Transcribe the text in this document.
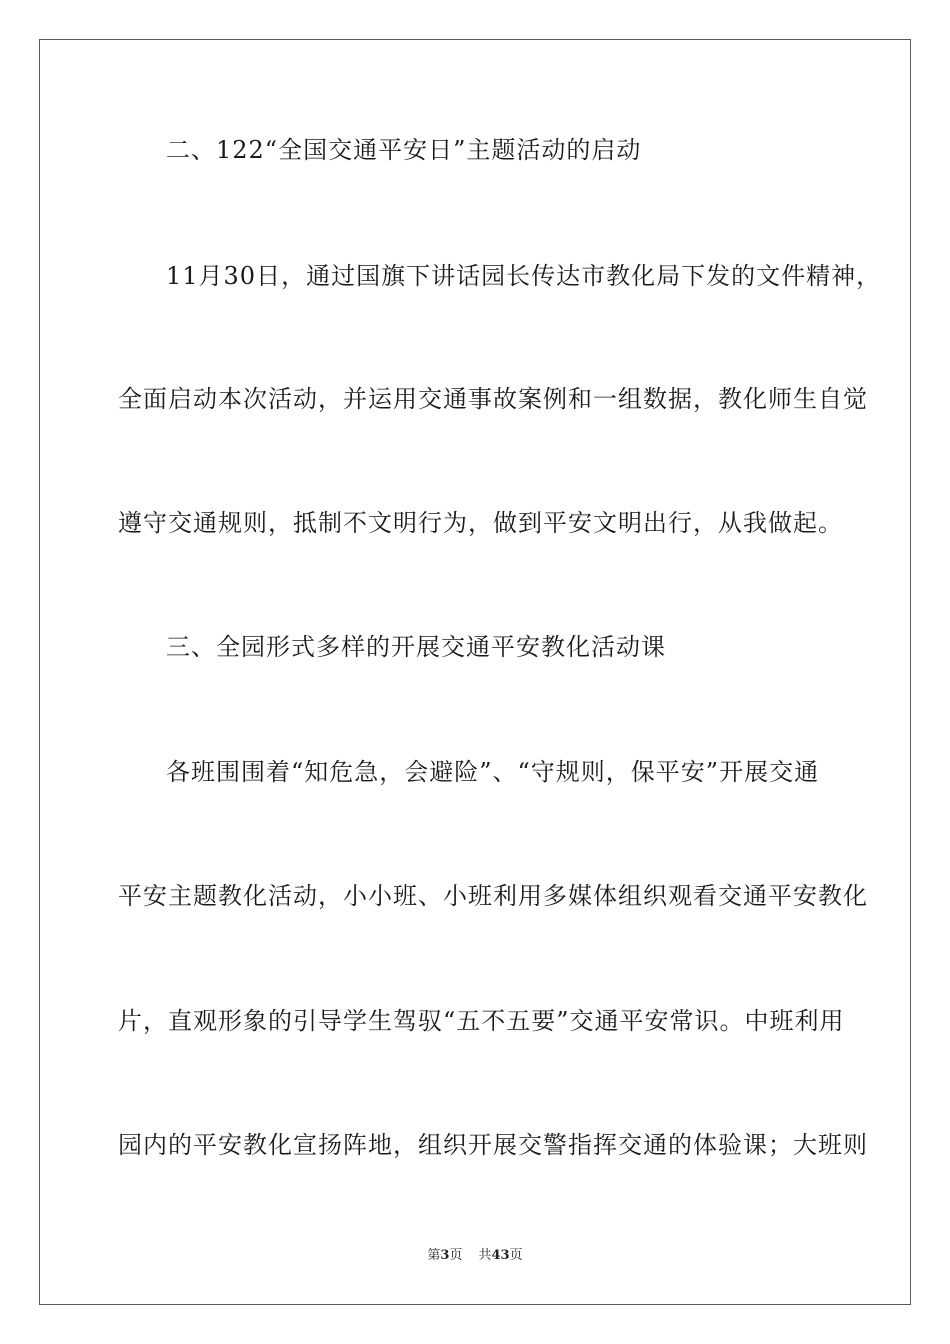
二、122“全国交通平安日”主题活动的启动
11月30日，通过国旗下讲话园长传达市教化局下发的文件精神，
全面启动本次活动，并运用交通事故案例和一组数据，教化师生自觉
遵守交通规则，抵制不文明行为，做到平安文明出行，从我做起。
三、全园形式多样的开展交通平安教化活动课
各班围围着“知危急，会避险”、“守规则，保平安”开展交通
平安主题教化活动，小小班、小班利用多媒体组织观看交通平安教化
片，直观形象的引导学生驾驭“五不五要”交通平安常识。中班利用
园内的平安教化宣扬阵地，组织开展交警指挥交通的体验课；大班则
第3页 共43页
